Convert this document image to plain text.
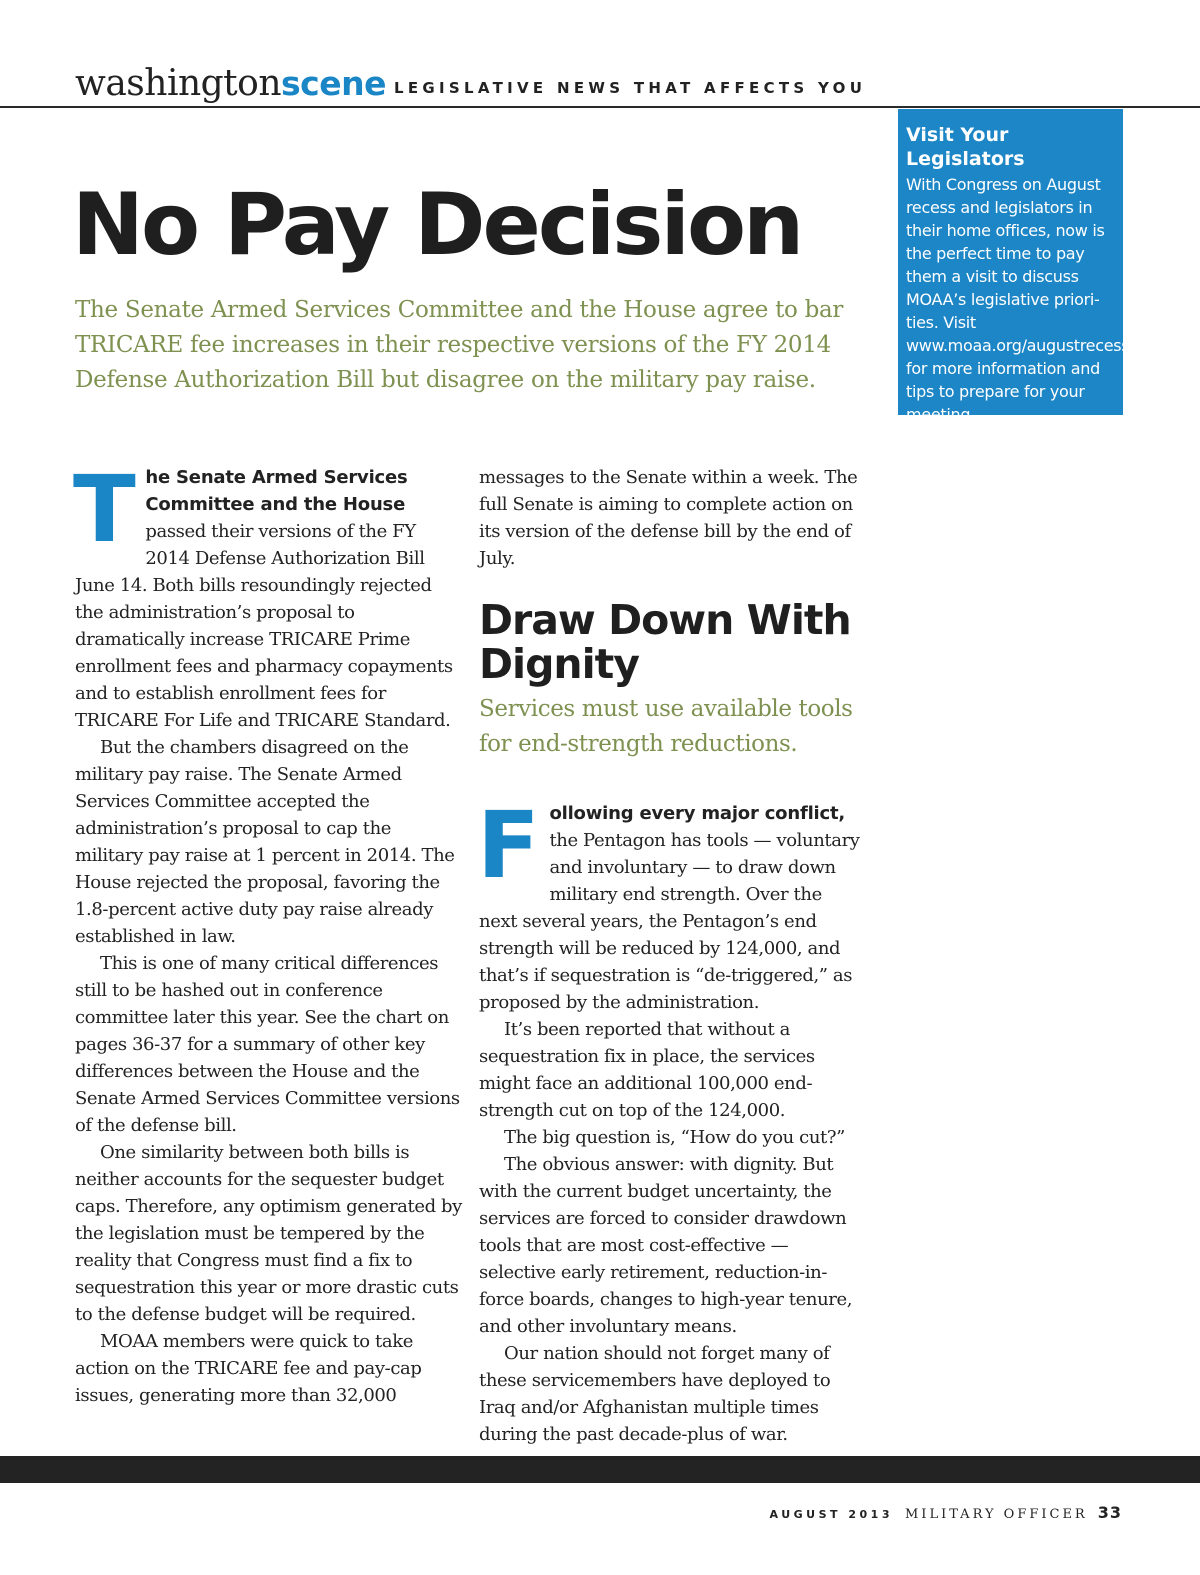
washingtonscene LEGISLATIVE NEWS THAT AFFECTS YOU

Visit Your Legislators

With Congress on August recess and legislators in their home offices, now is the perfect time to pay them a visit to discuss MOAA’s legislative priori-ties. Visit www.moaa.org/augustrecess for more information and tips to prepare for your meeting.

No Pay Decision

The Senate Armed Services Committee and the House agree to bar TRICARE fee increases in their respective versions of the FY 2014 Defense Authorization Bill but disagree on the military pay raise.

The Senate Armed Services Committee and the House passed their versions of the FY 2014 Defense Authorization Bill June 14. Both bills resoundingly rejected the administration’s proposal to dramatically increase TRICARE Prime enrollment fees and pharmacy copayments and to establish enrollment fees for TRICARE For Life and TRICARE Standard.

But the chambers disagreed on the military pay raise. The Senate Armed Services Committee accepted the administration’s proposal to cap the military pay raise at 1 percent in 2014. The House rejected the proposal, favoring the 1.8-percent active duty pay raise already established in law.

This is one of many critical differences still to be hashed out in conference committee later this year. See the chart on pages 36-37 for a summary of other key differences between the House and the Senate Armed Services Committee versions of the defense bill.

One similarity between both bills is neither accounts for the sequester budget caps. Therefore, any optimism generated by the legislation must be tempered by the reality that Congress must find a fix to sequestration this year or more drastic cuts to the defense budget will be required.

MOAA members were quick to take action on the TRICARE fee and pay-cap issues, generating more than 32,000

messages to the Senate within a week. The full Senate is aiming to complete action on its version of the defense bill by the end of July.

Draw Down With Dignity

Services must use available tools for end-strength reductions.

Following every major conflict, the Pentagon has tools — voluntary and involuntary — to draw down military end strength. Over the next several years, the Pentagon’s end strength will be reduced by 124,000, and that’s if sequestration is “de-triggered,” as proposed by the administration.

It’s been reported that without a sequestration fix in place, the services might face an additional 100,000 end-strength cut on top of the 124,000.

The big question is, “How do you cut?”

The obvious answer: with dignity. But with the current budget uncertainty, the services are forced to consider drawdown tools that are most cost-effective — selective early retirement, reduction-in-force boards, changes to high-year tenure, and other involuntary means.

Our nation should not forget many of these servicemembers have deployed to Iraq and/or Afghanistan multiple times during the past decade-plus of war.

AUGUST 2013 MILITARY OFFICER 33
